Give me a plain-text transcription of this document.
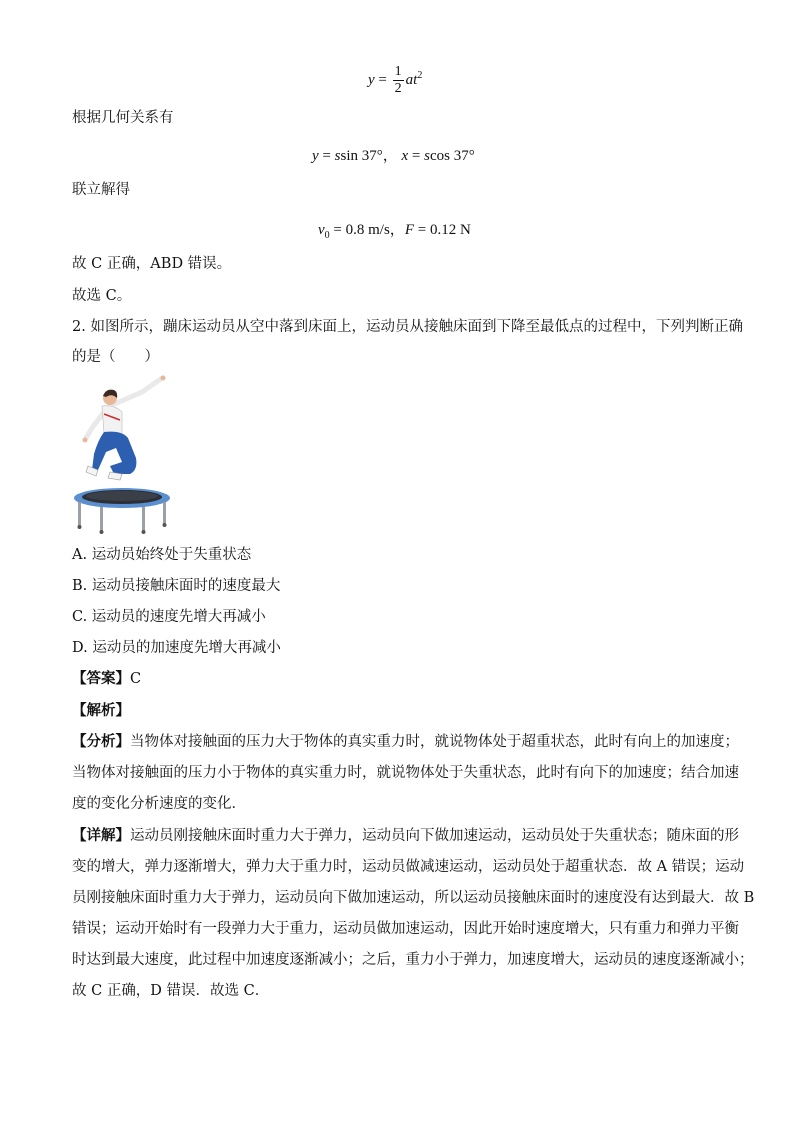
$y = \frac{1}{2} at^2$
根据几何关系有
y = ssin 37°， x = scos 37°
联立解得
$v_0 = 0.8$ m/s，F = 0.12 N
故 C 正确，ABD 错误。
故选 C。
2. 如图所示，蹦床运动员从空中落到床面上，运动员从接触床面到下降至最低点的过程中，下列判断正确
的是（　　）
A. 运动员始终处于失重状态
B. 运动员接触床面时的速度最大
C. 运动员的速度先增大再减小
D. 运动员的加速度先增大再减小
【答案】C
【解析】
【分析】当物体对接触面的压力大于物体的真实重力时，就说物体处于超重状态，此时有向上的加速度；
当物体对接触面的压力小于物体的真实重力时，就说物体处于失重状态，此时有向下的加速度；结合加速
度的变化分析速度的变化．
【详解】运动员刚接触床面时重力大于弹力，运动员向下做加速运动，运动员处于失重状态；随床面的形
变的增大，弹力逐渐增大，弹力大于重力时，运动员做减速运动，运动员处于超重状态．故 A 错误；运动
员刚接触床面时重力大于弹力，运动员向下做加速运动，所以运动员接触床面时的速度没有达到最大．故 B
错误；运动开始时有一段弹力大于重力，运动员做加速运动，因此开始时速度增大，只有重力和弹力平衡
时达到最大速度，此过程中加速度逐渐减小；之后，重力小于弹力，加速度增大，运动员的速度逐渐减小；
故 C 正确，D 错误．故选 C．
